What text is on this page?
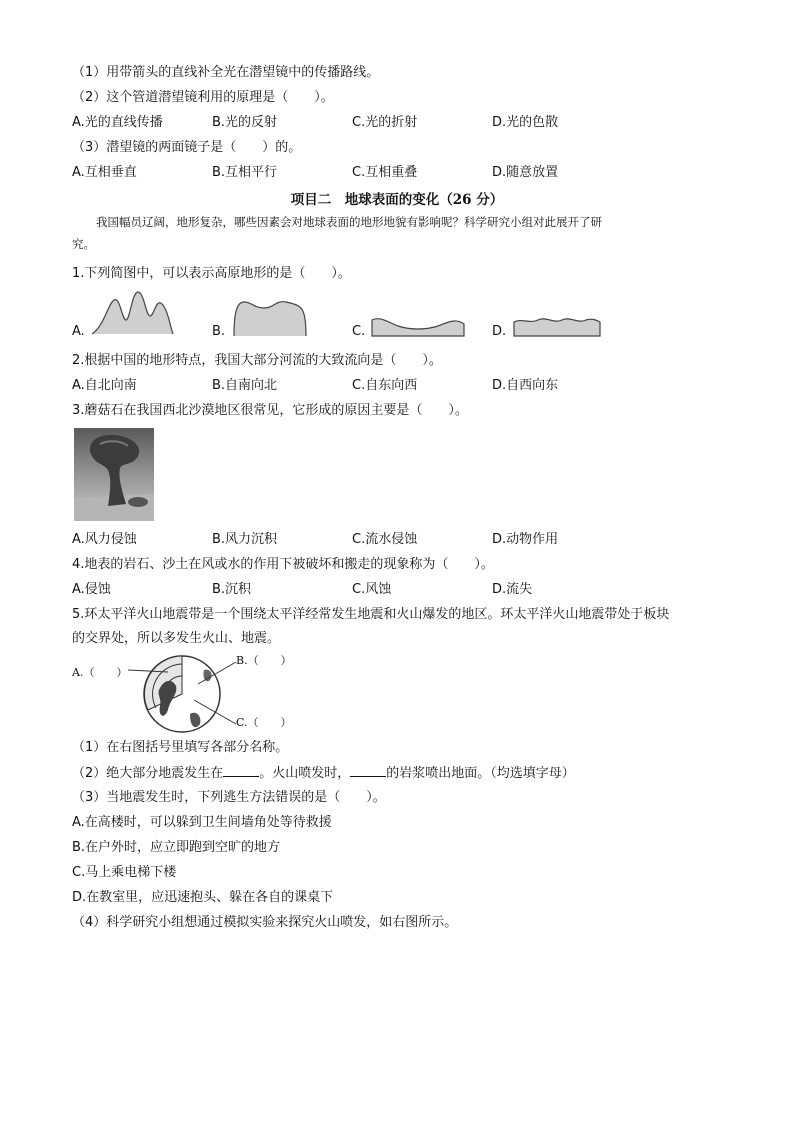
（1）用带箭头的直线补全光在潜望镜中的传播路线。
（2）这个管道潜望镜利用的原理是（　　）。
A.光的直线传播	B.光的反射	C.光的折射	D.光的色散
（3）潜望镜的两面镜子是（　　）的。
A.互相垂直	B.互相平行	C.互相重叠	D.随意放置
项目二　地球表面的变化（26 分）

我国幅员辽阔，地形复杂，哪些因素会对地球表面的地形地貌有影响呢？科学研究小组对此展开了研

究。

1.下列简图中，可以表示高原地形的是（　　）。
A.	B.	C.	D.
2.根据中国的地形特点，我国大部分河流的大致流向是（　　）。
A.自北向南	B.自南向北	C.自东向西	D.自西向东
3.蘑菇石在我国西北沙漠地区很常见，它形成的原因主要是（　　）。
A.风力侵蚀	B.风力沉积	C.流水侵蚀	D.动物作用
4.地表的岩石、沙土在风或水的作用下被破坏和搬走的现象称为（　　）。
A.侵蚀	B.沉积	C.风蚀	D.流失
5.环太平洋火山地震带是一个围绕太平洋经常发生地震和火山爆发的地区。环太平洋火山地震带处于板块
的交界处，所以多发生火山、地震。
A.（　　）
B.（　　）
C.（　　）
（1）在右图括号里填写各部分名称。
（2）绝大部分地震发生在	。火山喷发时，	的岩浆喷出地面。（均选填字母）
（3）当地震发生时，下列逃生方法错误的是（　　）。
A.在高楼时，可以躲到卫生间墙角处等待救援
B.在户外时，应立即跑到空旷的地方
C.马上乘电梯下楼
D.在教室里，应迅速抱头、躲在各自的课桌下
（4）科学研究小组想通过模拟实验来探究火山喷发，如右图所示。
